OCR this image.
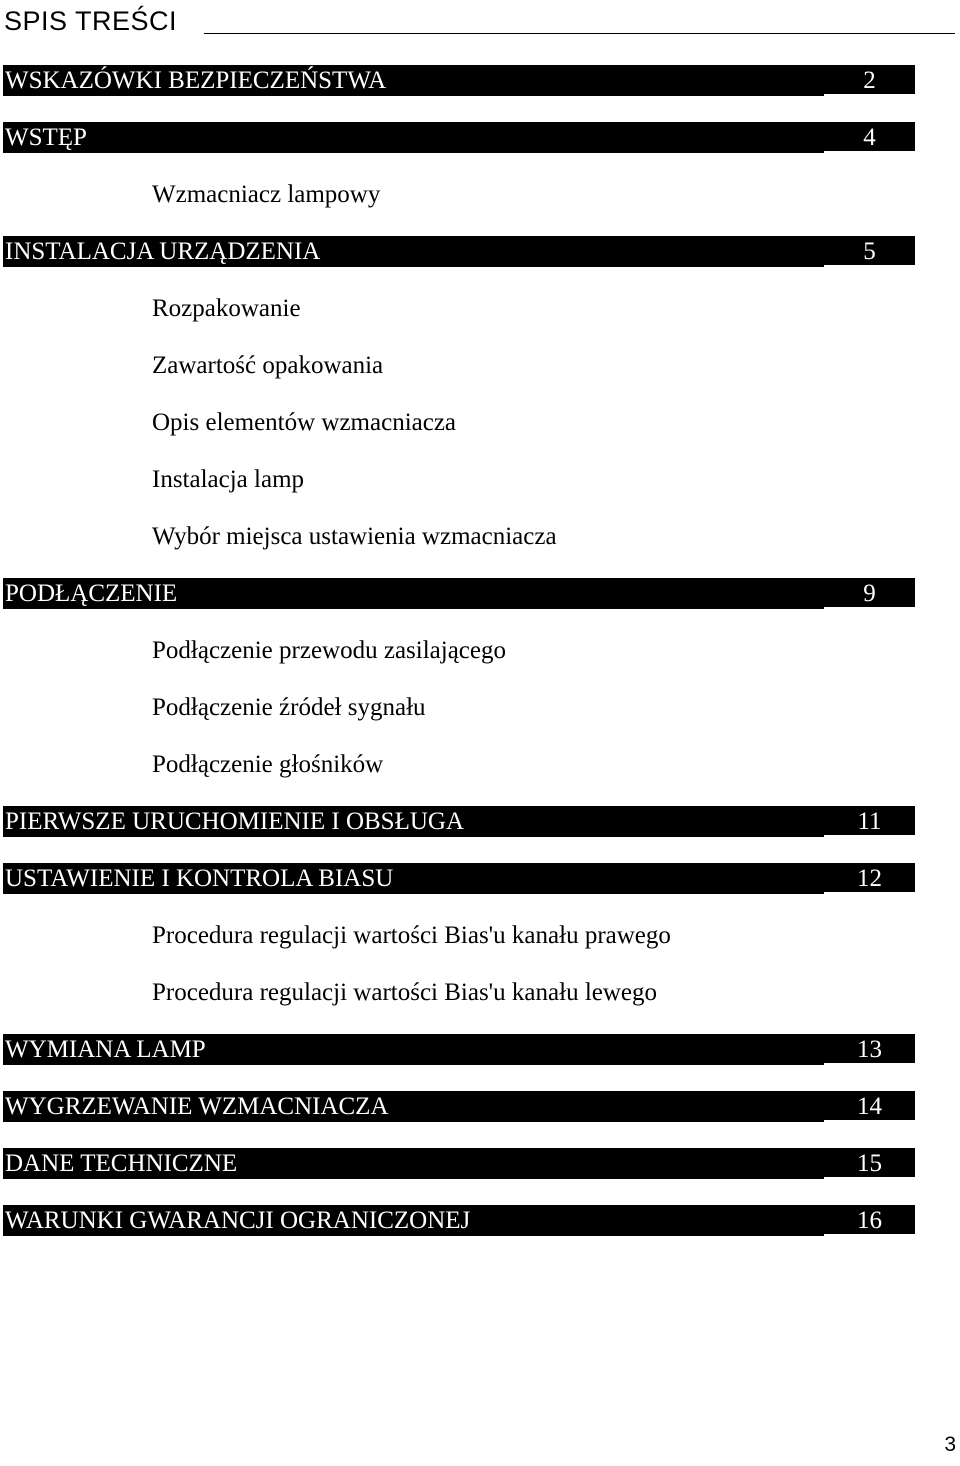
SPIS TREŚCI
WSKAZÓWKI BEZPIECZEŃSTWA	2
WSTĘP	4
Wzmacniacz lampowy
INSTALACJA URZĄDZENIA	5
Rozpakowanie
Zawartość opakowania
Opis elementów wzmacniacza
Instalacja lamp
Wybór miejsca ustawienia wzmacniacza
PODŁĄCZENIE	9
Podłączenie przewodu zasilającego
Podłączenie źródeł sygnału
Podłączenie głośników
PIERWSZE URUCHOMIENIE I OBSŁUGA	11
USTAWIENIE I KONTROLA BIASU	12
Procedura regulacji wartości Bias'u kanału prawego
Procedura regulacji wartości Bias'u kanału lewego
WYMIANA LAMP	13
WYGRZEWANIE WZMACNIACZA	14
DANE TECHNICZNE	15
WARUNKI GWARANCJI OGRANICZONEJ	16
3
